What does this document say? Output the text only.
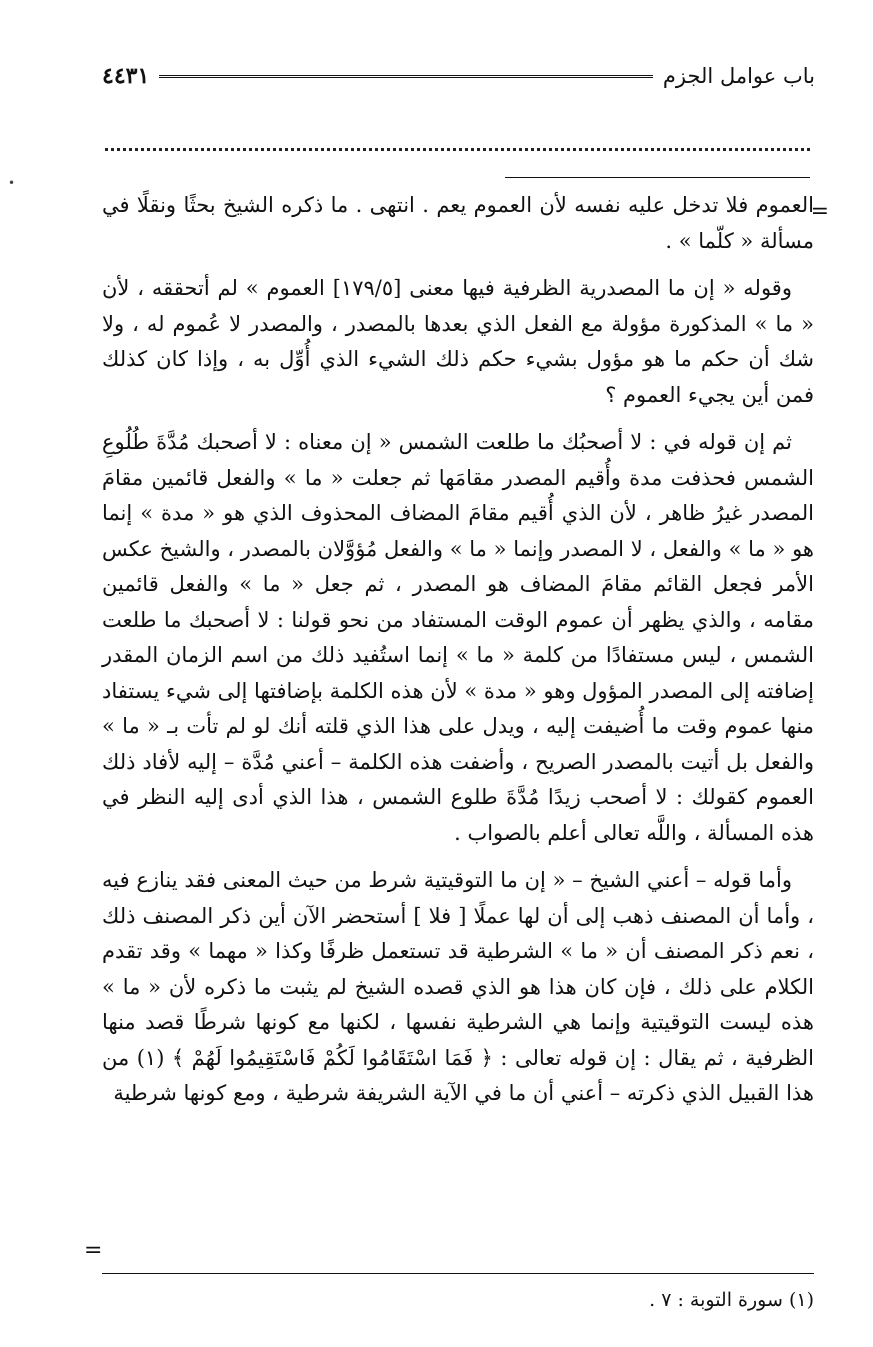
باب عوامل الجزم
٤٤٣١
•
=

العموم فلا تدخل عليه نفسه لأن العموم يعم . انتهى . ما ذكره الشيخ بحثًا ونقلًا في مسألة « كلّما » .

وقوله « إن ما المصدرية الظرفية فيها معنى [١٧٩/٥] العموم » لم أتحققه ، لأن « ما » المذكورة مؤولة مع الفعل الذي بعدها بالمصدر ، والمصدر لا عُموم له ، ولا شك أن حكم ما هو مؤول بشيء حكم ذلك الشيء الذي أُوِّل به ، وإذا كان كذلك فمن أين يجيء العموم ؟

ثم إن قوله في : لا أصحبُك ما طلعت الشمس « إن معناه : لا أصحبك مُدَّةَ طُلُوعِ الشمس فحذفت مدة وأُقيم المصدر مقامَها ثم جعلت « ما » والفعل قائمين مقامَ المصدر غيرُ ظاهر ، لأن الذي أُقيم مقامَ المضاف المحذوف الذي هو « مدة » إنما هو « ما » والفعل ، لا المصدر وإنما « ما » والفعل مُؤوَّلان بالمصدر ، والشيخ عكس الأمر فجعل القائم مقامَ المضاف هو المصدر ، ثم جعل « ما » والفعل قائمين مقامه ، والذي يظهر أن عموم الوقت المستفاد من نحو قولنا : لا أصحبك ما طلعت الشمس ، ليس مستفادًا من كلمة « ما » إنما استُفيد ذلك من اسم الزمان المقدر إضافته إلى المصدر المؤول وهو « مدة » لأن هذه الكلمة بإضافتها إلى شيء يستفاد منها عموم وقت ما أُضيفت إليه ، ويدل على هذا الذي قلته أنك لو لم تأت بـ « ما » والفعل بل أتيت بالمصدر الصريح ، وأضفت هذه الكلمة – أعني مُدَّة – إليه لأفاد ذلك العموم كقولك : لا أصحب زيدًا مُدَّةَ طلوع الشمس ، هذا الذي أدى إليه النظر في هذه المسألة ، واللَّه تعالى أعلم بالصواب .

وأما قوله – أعني الشيخ – « إن ما التوقيتية شرط من حيث المعنى فقد ينازع فيه ، وأما أن المصنف ذهب إلى أن لها عملًا [ فلا ] أستحضر الآن أين ذكر المصنف ذلك ، نعم ذكر المصنف أن « ما » الشرطية قد تستعمل ظرفًا وكذا « مهما » وقد تقدم الكلام على ذلك ، فإن كان هذا هو الذي قصده الشيخ لم يثبت ما ذكره لأن « ما » هذه ليست التوقيتية وإنما هي الشرطية نفسها ، لكنها مع كونها شرطًا قصد منها الظرفية ، ثم يقال : إن قوله تعالى : ﴿ فَمَا اسْتَقَامُوا لَكُمْ فَاسْتَقِيمُوا لَهُمْ ﴾ (١) من هذا القبيل الذي ذكرته – أعني أن ما في الآية الشريفة شرطية ، ومع كونها شرطية

=
(١) سورة التوبة : ٧ .
